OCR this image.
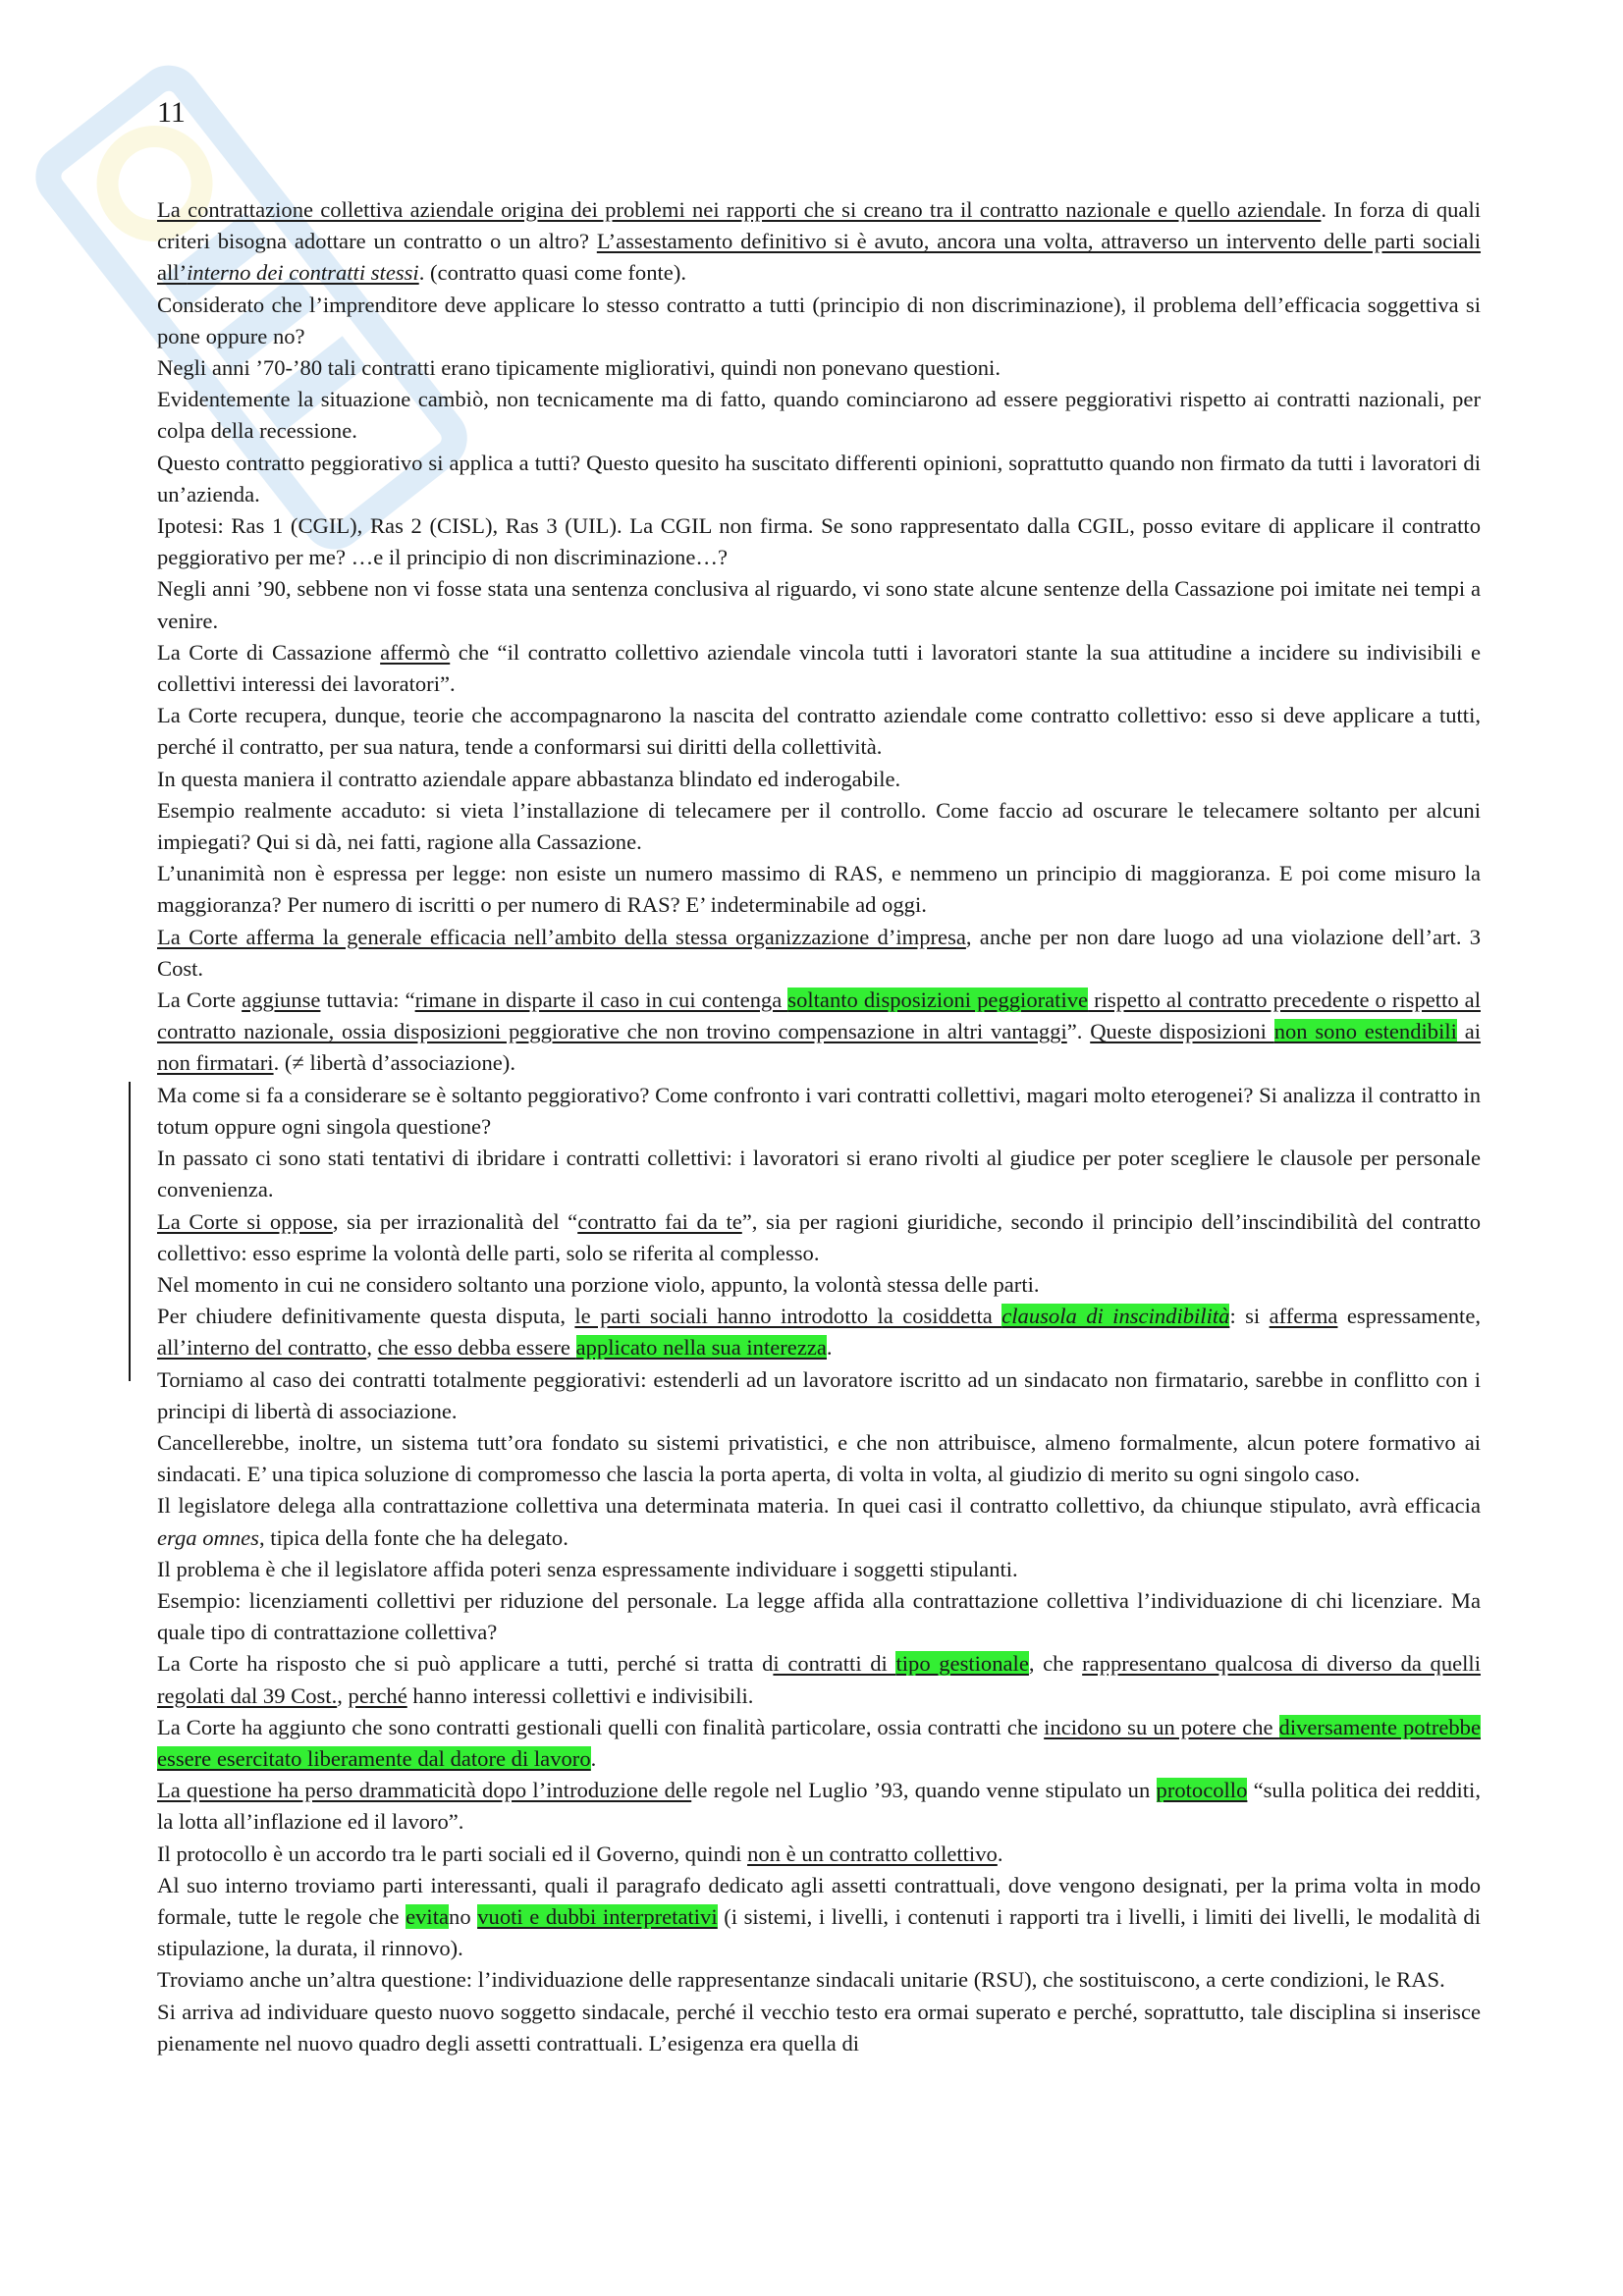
11

La contrattazione collettiva aziendale origina dei problemi nei rapporti che si creano tra il contratto nazionale e quello aziendale. In forza di quali criteri bisogna adottare un contratto o un altro? L’assestamento definitivo si è avuto, ancora una volta, attraverso un intervento delle parti sociali all’interno dei contratti stessi. (contratto quasi come fonte).

Considerato che l’imprenditore deve applicare lo stesso contratto a tutti (principio di non discriminazione), il problema dell’efficacia soggettiva si pone oppure no?

Negli anni ’70-’80 tali contratti erano tipicamente migliorativi, quindi non ponevano questioni.

Evidentemente la situazione cambiò, non tecnicamente ma di fatto, quando cominciarono ad essere peggiorativi rispetto ai contratti nazionali, per colpa della recessione.

Questo contratto peggiorativo si applica a tutti? Questo quesito ha suscitato differenti opinioni, soprattutto quando non firmato da tutti i lavoratori di un’azienda.

Ipotesi: Ras 1 (CGIL), Ras 2 (CISL), Ras 3 (UIL). La CGIL non firma. Se sono rappresentato dalla CGIL, posso evitare di applicare il contratto peggiorativo per me? …e il principio di non discriminazione…?

Negli anni ’90, sebbene non vi fosse stata una sentenza conclusiva al riguardo, vi sono state alcune sentenze della Cassazione poi imitate nei tempi a venire.

La Corte di Cassazione affermò che “il contratto collettivo aziendale vincola tutti i lavoratori stante la sua attitudine a incidere su indivisibili e collettivi interessi dei lavoratori”.

La Corte recupera, dunque, teorie che accompagnarono la nascita del contratto aziendale come contratto collettivo: esso si deve applicare a tutti, perché il contratto, per sua natura, tende a conformarsi sui diritti della collettività.

In questa maniera il contratto aziendale appare abbastanza blindato ed inderogabile.

Esempio realmente accaduto: si vieta l’installazione di telecamere per il controllo. Come faccio ad oscurare le telecamere soltanto per alcuni impiegati? Qui si dà, nei fatti, ragione alla Cassazione.

L’unanimità non è espressa per legge: non esiste un numero massimo di RAS, e nemmeno un principio di maggioranza. E poi come misuro la maggioranza? Per numero di iscritti o per numero di RAS? E’ indeterminabile ad oggi.

La Corte afferma la generale efficacia nell’ambito della stessa organizzazione d’impresa, anche per non dare luogo ad una violazione dell’art. 3 Cost.

La Corte aggiunse tuttavia: “rimane in disparte il caso in cui contenga soltanto disposizioni peggiorative rispetto al contratto precedente o rispetto al contratto nazionale, ossia disposizioni peggiorative che non trovino compensazione in altri vantaggi”. Queste disposizioni non sono estendibili ai non firmatari. (≠ libertà d’associazione).

Ma come si fa a considerare se è soltanto peggiorativo? Come confronto i vari contratti collettivi, magari molto eterogenei? Si analizza il contratto in totum oppure ogni singola questione?

In passato ci sono stati tentativi di ibridare i contratti collettivi: i lavoratori si erano rivolti al giudice per poter scegliere le clausole per personale convenienza.

La Corte si oppose, sia per irrazionalità del “contratto fai da te”, sia per ragioni giuridiche, secondo il principio dell’inscindibilità del contratto collettivo: esso esprime la volontà delle parti, solo se riferita al complesso.

Nel momento in cui ne considero soltanto una porzione violo, appunto, la volontà stessa delle parti.

Per chiudere definitivamente questa disputa, le parti sociali hanno introdotto la cosiddetta clausola di inscindibilità: si afferma espressamente, all’interno del contratto, che esso debba essere applicato nella sua interezza.

Torniamo al caso dei contratti totalmente peggiorativi: estenderli ad un lavoratore iscritto ad un sindacato non firmatario, sarebbe in conflitto con i principi di libertà di associazione.

Cancellerebbe, inoltre, un sistema tutt’ora fondato su sistemi privatistici, e che non attribuisce, almeno formalmente, alcun potere formativo ai sindacati. E’ una tipica soluzione di compromesso che lascia la porta aperta, di volta in volta, al giudizio di merito su ogni singolo caso.

Il legislatore delega alla contrattazione collettiva una determinata materia. In quei casi il contratto collettivo, da chiunque stipulato, avrà efficacia erga omnes, tipica della fonte che ha delegato.

Il problema è che il legislatore affida poteri senza espressamente individuare i soggetti stipulanti.

Esempio: licenziamenti collettivi per riduzione del personale. La legge affida alla contrattazione collettiva l’individuazione di chi licenziare. Ma quale tipo di contrattazione collettiva?

La Corte ha risposto che si può applicare a tutti, perché si tratta di contratti di tipo gestionale, che rappresentano qualcosa di diverso da quelli regolati dal 39 Cost., perché hanno interessi collettivi e indivisibili.

La Corte ha aggiunto che sono contratti gestionali quelli con finalità particolare, ossia contratti che incidono su un potere che diversamente potrebbe essere esercitato liberamente dal datore di lavoro.

La questione ha perso drammaticità dopo l’introduzione delle regole nel Luglio ’93, quando venne stipulato un protocollo “sulla politica dei redditi, la lotta all’inflazione ed il lavoro”.

Il protocollo è un accordo tra le parti sociali ed il Governo, quindi non è un contratto collettivo.

Al suo interno troviamo parti interessanti, quali il paragrafo dedicato agli assetti contrattuali, dove vengono designati, per la prima volta in modo formale, tutte le regole che evitano vuoti e dubbi interpretativi (i sistemi, i livelli, i contenuti i rapporti tra i livelli, i limiti dei livelli, le modalità di stipulazione, la durata, il rinnovo).

Troviamo anche un’altra questione: l’individuazione delle rappresentanze sindacali unitarie (RSU), che sostituiscono, a certe condizioni, le RAS.

Si arriva ad individuare questo nuovo soggetto sindacale, perché il vecchio testo era ormai superato e perché, soprattutto, tale disciplina si inserisce pienamente nel nuovo quadro degli assetti contrattuali. L’esigenza era quella di
